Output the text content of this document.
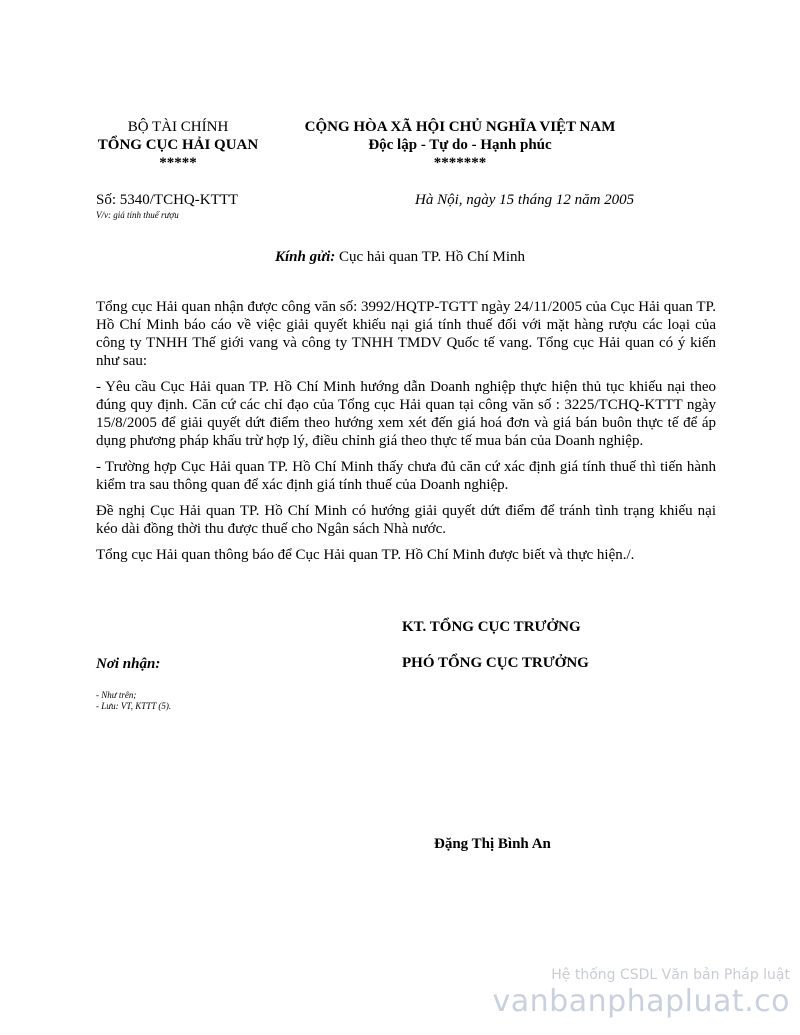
BỘ TÀI CHÍNH
TỔNG CỤC HẢI QUAN
*****
CỘNG HÒA XÃ HỘI CHỦ NGHĨA VIỆT NAM
Độc lập - Tự do - Hạnh phúc
*******
Số: 5340/TCHQ-KTTT
V/v: giá tính thuế rượu
Hà Nội, ngày 15 tháng 12 năm 2005
Kính gửi: Cục hải quan TP. Hồ Chí Minh

Tổng cục Hải quan nhận được công văn số: 3992/HQTP-TGTT ngày 24/11/2005 của Cục Hải quan TP. Hồ Chí Minh báo cáo về việc giải quyết khiếu nại giá tính thuế đối với mặt hàng rượu các loại của công ty TNHH Thế giới vang và công ty TNHH TMDV Quốc tế vang. Tổng cục Hải quan có ý kiến như sau:

- Yêu cầu Cục Hải quan TP. Hồ Chí Minh hướng dẫn Doanh nghiệp thực hiện thủ tục khiếu nại theo đúng quy định. Căn cứ các chỉ đạo của Tổng cục Hải quan tại công văn số : 3225/TCHQ-KTTT ngày 15/8/2005 để giải quyết dứt điểm theo hướng xem xét đến giá hoá đơn và giá bán buôn thực tế để áp dụng phương pháp khấu trừ hợp lý, điều chỉnh giá theo thực tế mua bán của Doanh nghiệp.

- Trường hợp Cục Hải quan TP. Hồ Chí Minh thấy chưa đủ căn cứ xác định giá tính thuế thì tiến hành kiểm tra sau thông quan để xác định giá tính thuế của Doanh nghiệp.

Đề nghị Cục Hải quan TP. Hồ Chí Minh có hướng giải quyết dứt điểm để tránh tình trạng khiếu nại kéo dài đồng thời thu được thuế cho Ngân sách Nhà nước.

Tổng cục Hải quan thông báo để Cục Hải quan TP. Hồ Chí Minh được biết và thực hiện./.

KT. TỔNG CỤC TRƯỞNG
PHÓ TỔNG CỤC TRƯỞNG
Nơi nhận:
- Như trên;
- Lưu: VT, KTTT (5).
Đặng Thị Bình An
Hệ thống CSDL Văn bản Pháp luật
vanbanphapluat.co
